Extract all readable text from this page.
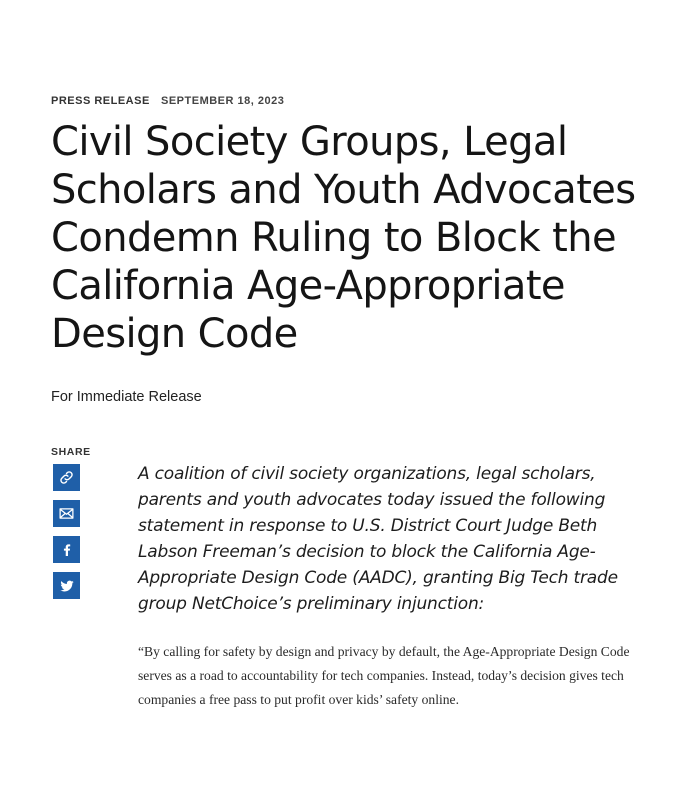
PRESS RELEASE	SEPTEMBER 18, 2023
Civil Society Groups, Legal Scholars and Youth Advocates Condemn Ruling to Block the California Age-Appropriate Design Code
For Immediate Release
SHARE

A coalition of civil society organizations, legal scholars, parents and youth advocates today issued the following statement in response to U.S. District Court Judge Beth Labson Freeman’s decision to block the California Age-Appropriate Design Code (AADC), granting Big Tech trade group NetChoice’s preliminary injunction:

“By calling for safety by design and privacy by default, the Age-Appropriate Design Code serves as a road to accountability for tech companies. Instead, today’s decision gives tech companies a free pass to put profit over kids’ safety online.
